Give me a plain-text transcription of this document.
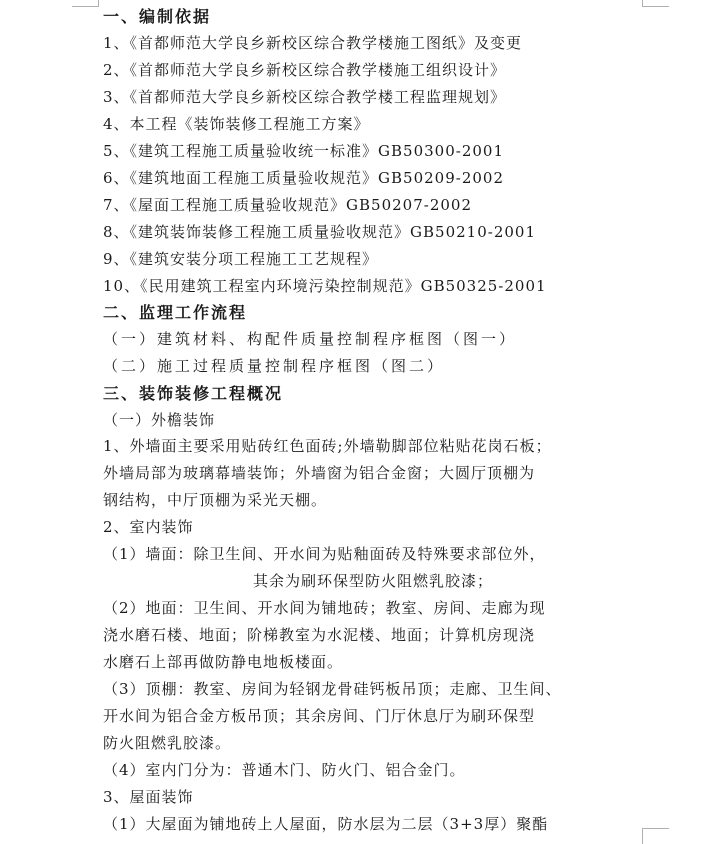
一、编制依据
1、《首都师范大学良乡新校区综合教学楼施工图纸》及变更
2、《首都师范大学良乡新校区综合教学楼施工组织设计》
3、《首都师范大学良乡新校区综合教学楼工程监理规划》
4、本工程《装饰装修工程施工方案》
5、《建筑工程施工质量验收统一标准》GB50300-2001
6、《建筑地面工程施工质量验收规范》GB50209-2002
7、《屋面工程施工质量验收规范》GB50207-2002
8、《建筑装饰装修工程施工质量验收规范》GB50210-2001
9、《建筑安装分项工程施工工艺规程》
10、《民用建筑工程室内环境污染控制规范》GB50325-2001
二、监理工作流程
（一）建筑材料、构配件质量控制程序框图（图一）
（二）施工过程质量控制程序框图（图二）
三、装饰装修工程概况
（一）外檐装饰
1、外墙面主要采用贴砖红色面砖;外墙勒脚部位粘贴花岗石板；
外墙局部为玻璃幕墙装饰；外墙窗为铝合金窗；大圆厅顶棚为
钢结构，中厅顶棚为采光天棚。
2、室内装饰
（1）墙面：除卫生间、开水间为贴釉面砖及特殊要求部位外，
其余为刷环保型防火阻燃乳胶漆；
（2）地面：卫生间、开水间为铺地砖；教室、房间、走廊为现
浇水磨石楼、地面；阶梯教室为水泥楼、地面；计算机房现浇
水磨石上部再做防静电地板楼面。
（3）顶棚：教室、房间为轻钢龙骨硅钙板吊顶；走廊、卫生间、
开水间为铝合金方板吊顶；其余房间、门厅休息厅为刷环保型
防火阻燃乳胶漆。
（4）室内门分为：普通木门、防火门、铝合金门。
3、屋面装饰
（1）大屋面为铺地砖上人屋面，防水层为二层（3+3厚）聚酯
